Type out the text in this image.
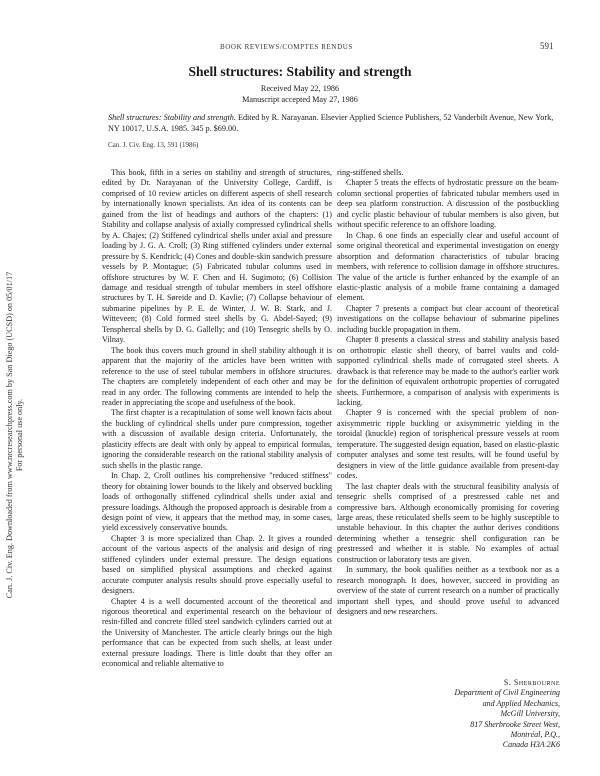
Can. J. Civ. Eng. Downloaded from www.nrcresearchpress.com by San Diego (UCSD) on 05/01/17 For personal use only.
BOOK REVIEWS/COMPTES RENDUS	591
Shell structures: Stability and strength
Received May 22, 1986
Manuscript accepted May 27, 1986
Shell structures: Stability and strength. Edited by R. Narayanan. Elsevier Applied Science Publishers, 52 Vanderbilt Avenue, New York, NY 10017, U.S.A. 1985. 345 p. $69.00.
Can. J. Civ. Eng. 13, 591 (1986)

This book, fifth in a series on stability and strength of structures, edited by Dr. Narayanan of the University College, Cardiff, is comprised of 10 review articles on different aspects of shell research by internationally known specialists. An idea of its contents can be gained from the list of headings and authors of the chapters: (1) Stability and collapse analysis of axially compressed cylindrical shells by A. Chajes; (2) Stiffened cylindrical shells under axial and pressure loading by J. G. A. Croll; (3) Ring stiffened cylinders under external pressure by S. Kendrick; (4) Cones and double-skin sandwich pressure vessels by P. Montague; (5) Fabricated tubular columns used in offshore structures by W. F. Chen and H. Sugimoto; (6) Collision damage and residual strength of tubular members in steel offshore structures by T. H. Søreide and D. Kavlie; (7) Collapse behaviour of submarine pipelines by P. E. de Winter, J. W. B. Stark, and J. Witteveen; (8) Cold formed steel shells by G. Abdel-Sayed; (9) Tensphercal shells by D. G. Gallelly; and (10) Tensegric shells by O. Vilnay.

The book thus covers much ground in shell stability although it is apparent that the majority of the articles have been written with reference to the use of steel tubular members in offshore structures. The chapters are completely independent of each other and may be read in any order. The following comments are intended to help the reader in appreciating the scope and usefulness of the book.

The first chapter is a recapitulation of some well known facts about the buckling of cylindrical shells under pure compression, together with a discussion of available design criteria. Unfortunately, the plasticity effects are dealt with only by appeal to empirical formulas, ignoring the considerable research on the rational stability analysis of such shells in the plastic range.

In Chap. 2, Croll outlines his comprehensive "reduced stiffness" theory for obtaining lower bounds to the likely and observed buckling loads of orthogonally stiffened cylindrical shells under axial and pressure loadings. Although the proposed approach is desirable from a design point of view, it appears that the method may, in some cases, yield excessively conservative bounds.

Chapter 3 is more specialized than Chap. 2. It gives a rounded account of the various aspects of the analysis and design of ring stiffened cylinders under external pressure. The design equations based on simplified physical assumptions and checked against accurate computer analysis results should prove especially useful to designers.

Chapter 4 is a well documented account of the theoretical and rigorous theoretical and experimental research on the behaviour of resin-filled and concrete filled steel sandwich cylinders carried out at the University of Manchester. The article clearly brings out the high performance that can be expected from such shells, at least under external pressure loadings. There is little doubt that they offer an economical and reliable alternative to

ring-stiffened shells.

Chapter 5 treats the effects of hydrostatic pressure on the beam-column sectional properties of fabricated tubular members used in deep sea platform construction. A discussion of the postbuckling and cyclic plastic behaviour of tubular members is also given, but without specific reference to an offshore loading.

In Chap. 6 one finds an especially clear and useful account of some original theoretical and experimental investigation on energy absorption and deformation characteristics of tubular bracing members, with reference to collision damage in offshore structures. The value of the article is further enhanced by the example of an elastic-plastic analysis of a mobile frame containing a damaged element.

Chapter 7 presents a compact but clear account of theoretical investigations on the collapse behaviour of submarine pipelines including buckle propagation in them.

Chapter 8 presents a classical stress and stability analysis based on orthotropic elastic shell theory, of barrel vaults and cold-supported cylindrical shells made of corrugated steel sheets. A drawback is that reference may be made to the author's earlier work for the definition of equivalent orthotropic properties of corrugated sheets. Furthermore, a comparison of analysis with experiments is lacking.

Chapter 9 is concerned with the special problem of non-axisymmetric ripple buckling or axisymmetric yielding in the toroidal (knuckle) region of torispherical pressure vessels at room temperature. The suggested design equation, based on elastic-plastic computer analyses and some test results, will be found useful by designers in view of the little guidance available from present-day codes.

The last chapter deals with the structural feasibility analysis of tensegric shells comprised of a prestressed cable net and compressive bars. Although economically promising for covering large areas, these reticulated shells seem to be highly susceptible to unstable behaviour. In this chapter the author derives conditions determining whether a tensegric shell configuration can be prestressed and whether it is stable. No examples of actual construction or laboratory tests are given.

In summary, the book qualifies neither as a textbook nor as a research monograph. It does, however, succeed in providing an overview of the state of current research on a number of practically important shell types, and should prove useful to advanced designers and new researchers.

S. Sherbourne
Department of Civil Engineering
and Applied Mechanics,
McGill University,
817 Sherbrooke Street West,
Montréal, P.Q.,
Canada H3A 2K6
